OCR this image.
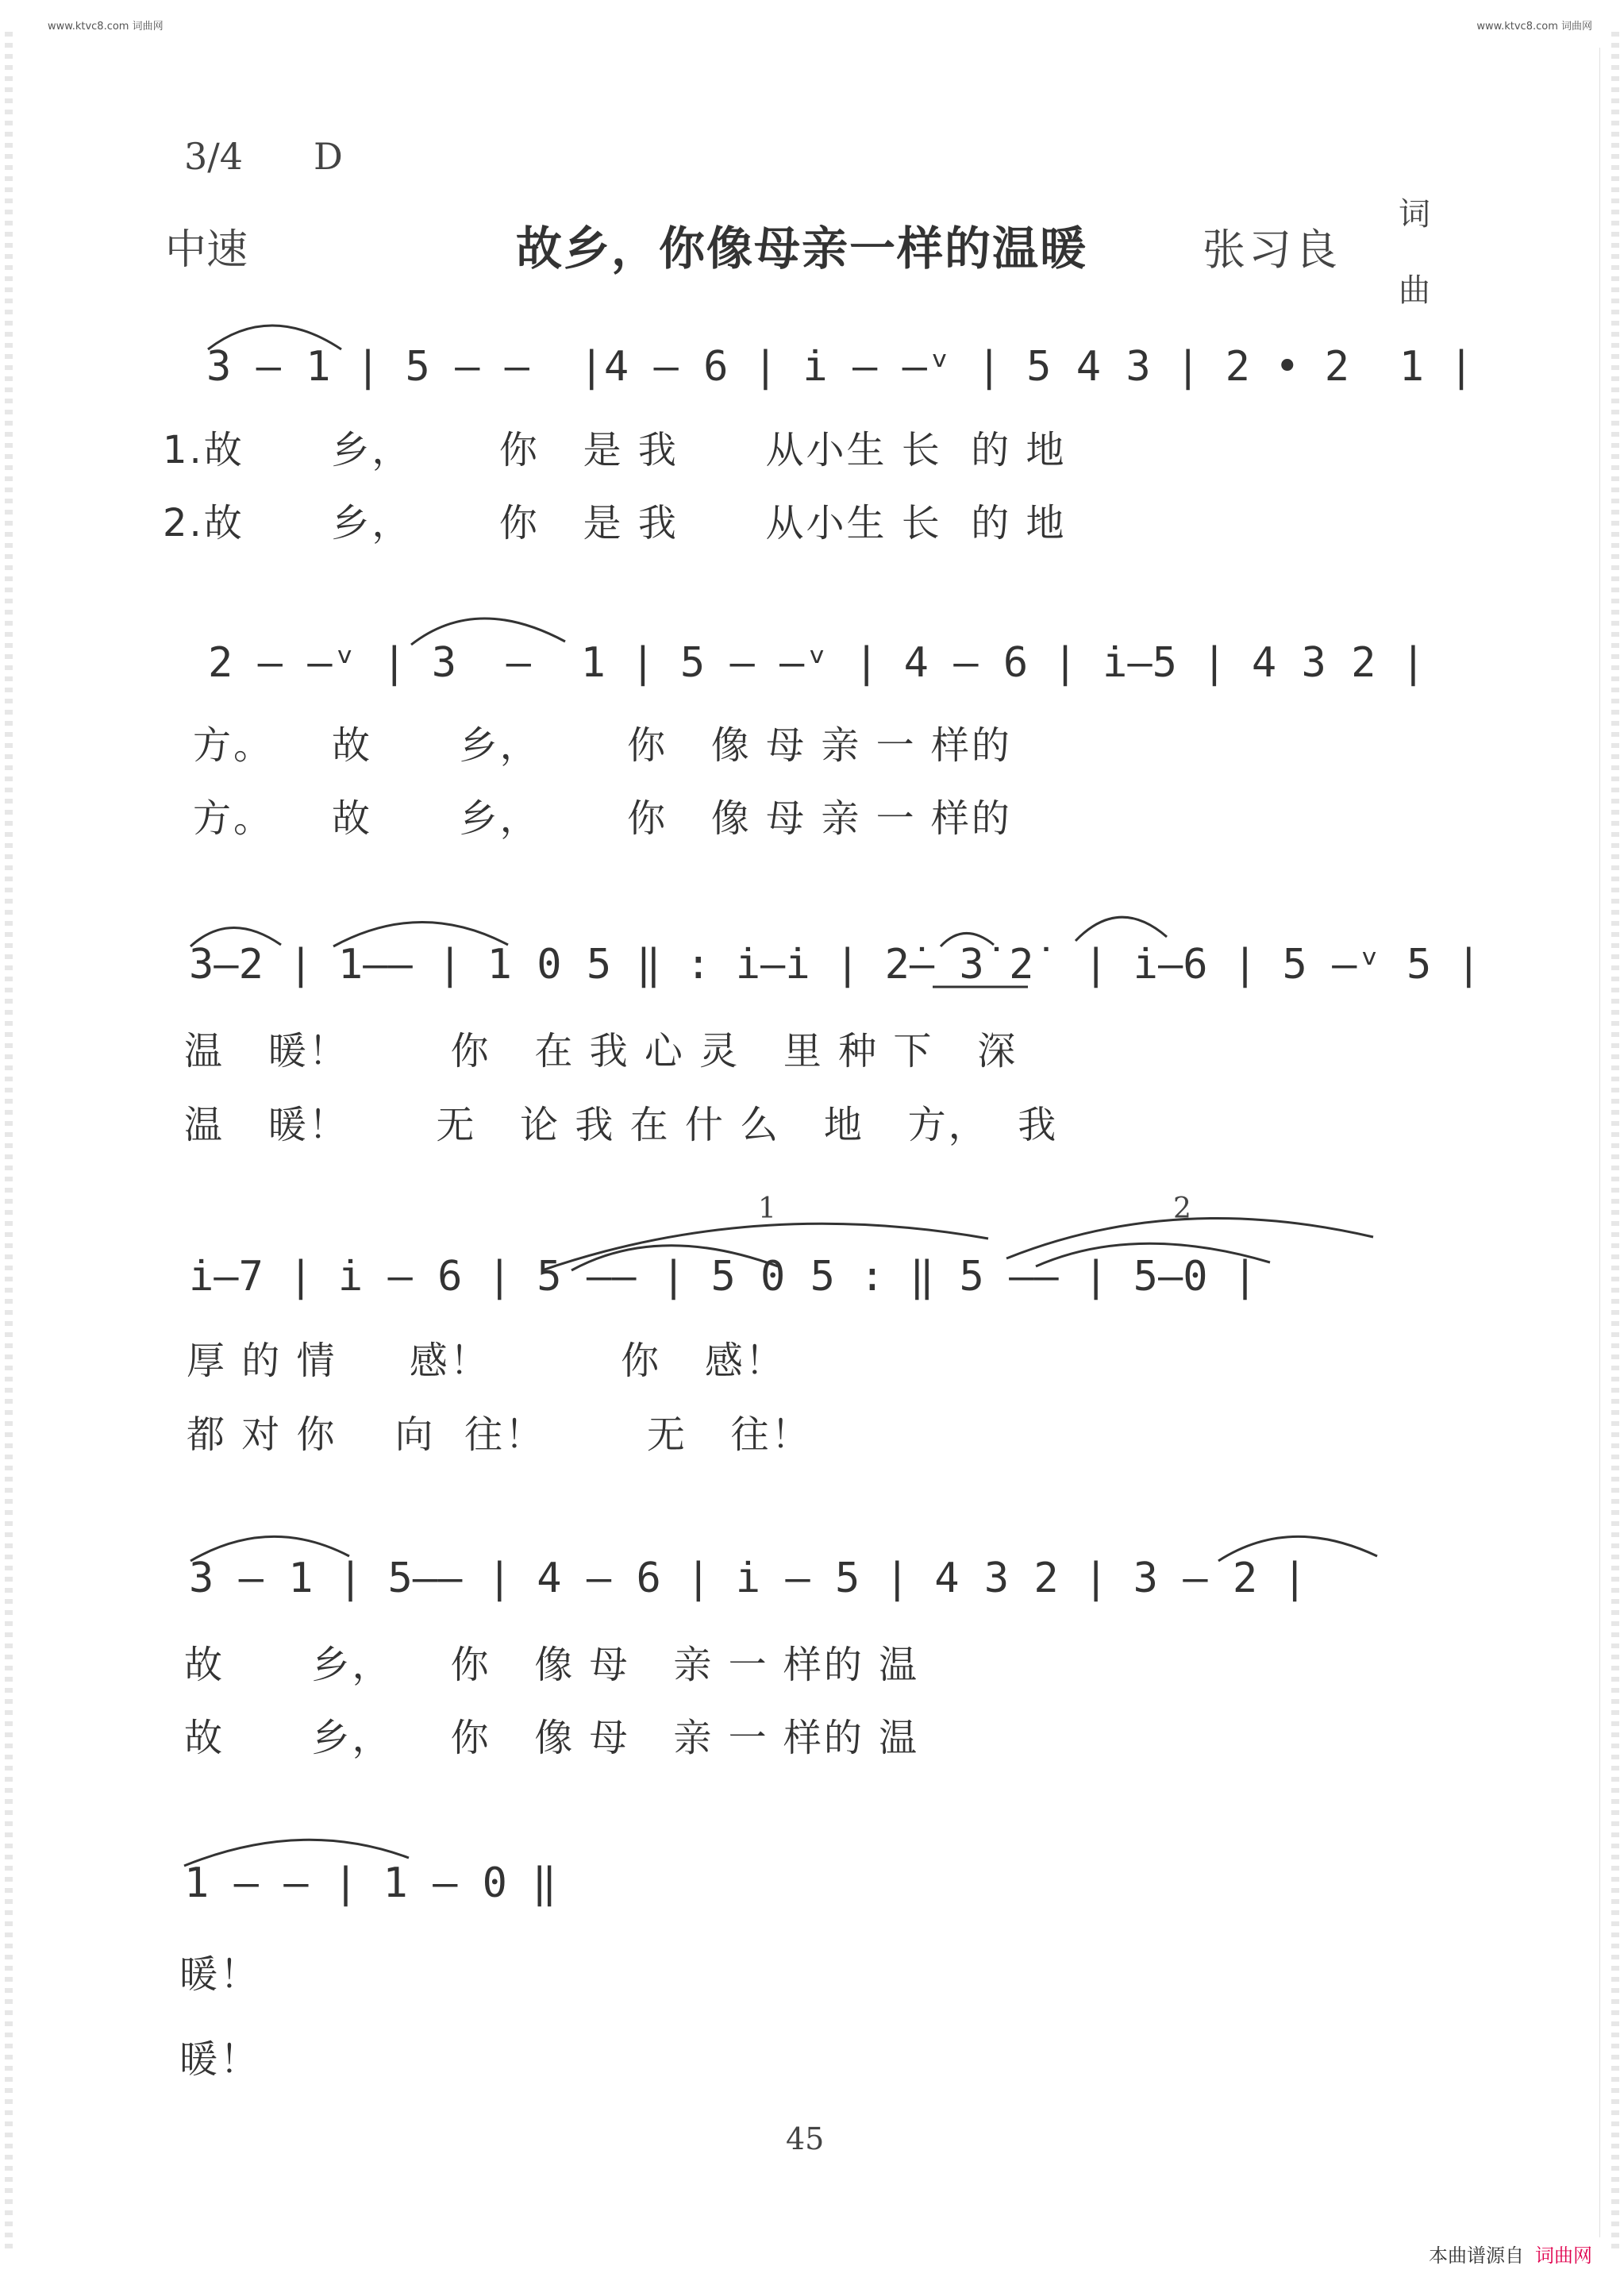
www.ktvc8.com 词曲网	www.ktvc8.com 词曲网
3/4 D
中速	故乡，你像母亲一样的温暖	张习良
词
曲
3 — 1 | 5 — —  |4 — 6 | i̇ — —ᵛ | 5 4 3 | 2 • 2  1 |
1.故      乡，      你   是 我      从小生 长  的 地
2.故      乡，      你   是 我      从小生 长  的 地
2 — —ᵛ | 3  —  1 | 5 — —ᵛ | 4 — 6 | i̇—5 | 4 3 2 |
方。    故      乡，      你   像 母 亲 一 样的
方。    故      乡，      你   像 母 亲 一 样的
3—2 | 1—— | 1 0 5 ‖ : i̇—i̇ | 2̇— 3̇ 2̇  | i̇—6 | 5 —ᵛ 5 |
温   暖！       你   在 我 心 灵   里 种 下   深
温   暖！      无   论 我 在 什 么   地   方，  我
i̇—7 | i̇ — 6 | 5 —— | 5 0 5 : ‖ 5 —— | 5—0 |
厚 的 情     感！         你   感！
都 对 你    向  往！       无   往！
1	2
3 — 1 | 5—— | 4 — 6 | i̇ — 5 | 4 3 2 | 3 — 2 |
故      乡，    你   像 母   亲 一 样的 温
故      乡，    你   像 母   亲 一 样的 温
1 — — | 1 — 0 ‖
暖！
暖！
45
本曲谱源自 词曲网
